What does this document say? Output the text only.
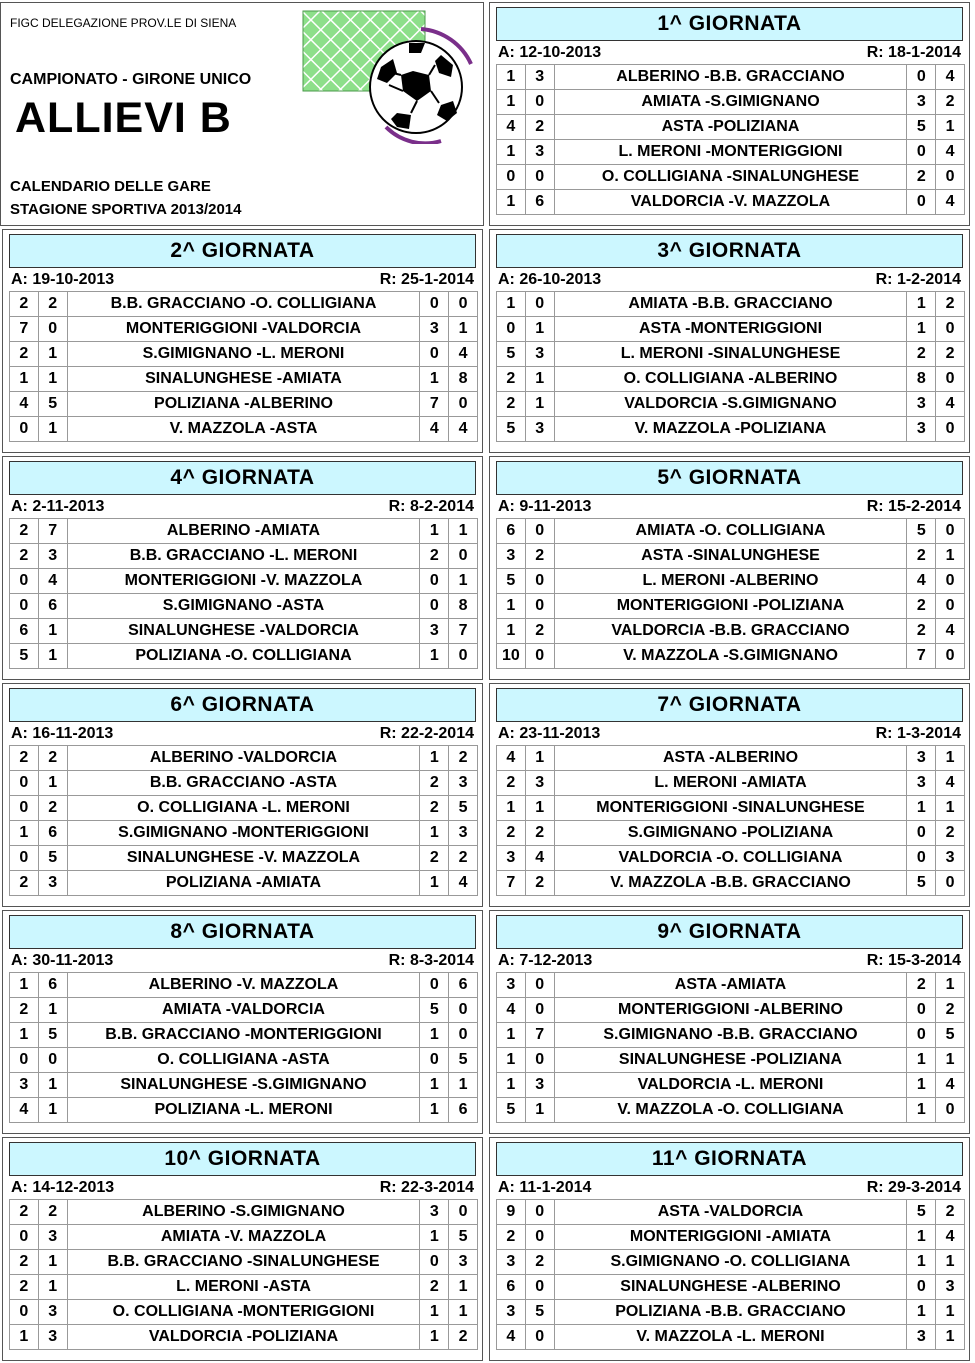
FIGC DELEGAZIONE PROV.LE DI SIENA
CAMPIONATO - GIRONE UNICO
ALLIEVI B
CALENDARIO DELLE GARE
STAGIONE SPORTIVA 2013/2014
1^ GIORNATA
A: 12-10-2013	R: 18-1-2014
1	3	ALBERINO -B.B. GRACCIANO	0	4
1	0	AMIATA -S.GIMIGNANO	3	2
4	2	ASTA -POLIZIANA	5	1
1	3	L. MERONI -MONTERIGGIONI	0	4
0	0	O. COLLIGIANA -SINALUNGHESE	2	0
1	6	VALDORCIA -V. MAZZOLA	0	4
2^ GIORNATA
A: 19-10-2013	R: 25-1-2014
2	2	B.B. GRACCIANO -O. COLLIGIANA	0	0
7	0	MONTERIGGIONI -VALDORCIA	3	1
2	1	S.GIMIGNANO -L. MERONI	0	4
1	1	SINALUNGHESE -AMIATA	1	8
4	5	POLIZIANA -ALBERINO	7	0
0	1	V. MAZZOLA -ASTA	4	4
3^ GIORNATA
A: 26-10-2013	R: 1-2-2014
1	0	AMIATA -B.B. GRACCIANO	1	2
0	1	ASTA -MONTERIGGIONI	1	0
5	3	L. MERONI -SINALUNGHESE	2	2
2	1	O. COLLIGIANA -ALBERINO	8	0
2	1	VALDORCIA -S.GIMIGNANO	3	4
5	3	V. MAZZOLA -POLIZIANA	3	0
4^ GIORNATA
A: 2-11-2013	R: 8-2-2014
2	7	ALBERINO -AMIATA	1	1
2	3	B.B. GRACCIANO -L. MERONI	2	0
0	4	MONTERIGGIONI -V. MAZZOLA	0	1
0	6	S.GIMIGNANO -ASTA	0	8
6	1	SINALUNGHESE -VALDORCIA	3	7
5	1	POLIZIANA -O. COLLIGIANA	1	0
5^ GIORNATA
A: 9-11-2013	R: 15-2-2014
6	0	AMIATA -O. COLLIGIANA	5	0
3	2	ASTA -SINALUNGHESE	2	1
5	0	L. MERONI -ALBERINO	4	0
1	0	MONTERIGGIONI -POLIZIANA	2	0
1	2	VALDORCIA -B.B. GRACCIANO	2	4
10	0	V. MAZZOLA -S.GIMIGNANO	7	0
6^ GIORNATA
A: 16-11-2013	R: 22-2-2014
2	2	ALBERINO -VALDORCIA	1	2
0	1	B.B. GRACCIANO -ASTA	2	3
0	2	O. COLLIGIANA -L. MERONI	2	5
1	6	S.GIMIGNANO -MONTERIGGIONI	1	3
0	5	SINALUNGHESE -V. MAZZOLA	2	2
2	3	POLIZIANA -AMIATA	1	4
7^ GIORNATA
A: 23-11-2013	R: 1-3-2014
4	1	ASTA -ALBERINO	3	1
2	3	L. MERONI -AMIATA	3	4
1	1	MONTERIGGIONI -SINALUNGHESE	1	1
2	2	S.GIMIGNANO -POLIZIANA	0	2
3	4	VALDORCIA -O. COLLIGIANA	0	3
7	2	V. MAZZOLA -B.B. GRACCIANO	5	0
8^ GIORNATA
A: 30-11-2013	R: 8-3-2014
1	6	ALBERINO -V. MAZZOLA	0	6
2	1	AMIATA -VALDORCIA	5	0
1	5	B.B. GRACCIANO -MONTERIGGIONI	1	0
0	0	O. COLLIGIANA -ASTA	0	5
3	1	SINALUNGHESE -S.GIMIGNANO	1	1
4	1	POLIZIANA -L. MERONI	1	6
9^ GIORNATA
A: 7-12-2013	R: 15-3-2014
3	0	ASTA -AMIATA	2	1
4	0	MONTERIGGIONI -ALBERINO	0	2
1	7	S.GIMIGNANO -B.B. GRACCIANO	0	5
1	0	SINALUNGHESE -POLIZIANA	1	1
1	3	VALDORCIA -L. MERONI	1	4
5	1	V. MAZZOLA -O. COLLIGIANA	1	0
10^ GIORNATA
A: 14-12-2013	R: 22-3-2014
2	2	ALBERINO -S.GIMIGNANO	3	0
0	3	AMIATA -V. MAZZOLA	1	5
2	1	B.B. GRACCIANO -SINALUNGHESE	0	3
2	1	L. MERONI -ASTA	2	1
0	3	O. COLLIGIANA -MONTERIGGIONI	1	1
1	3	VALDORCIA -POLIZIANA	1	2
11^ GIORNATA
A: 11-1-2014	R: 29-3-2014
9	0	ASTA -VALDORCIA	5	2
2	0	MONTERIGGIONI -AMIATA	1	4
3	2	S.GIMIGNANO -O. COLLIGIANA	1	1
6	0	SINALUNGHESE -ALBERINO	0	3
3	5	POLIZIANA -B.B. GRACCIANO	1	1
4	0	V. MAZZOLA -L. MERONI	3	1
